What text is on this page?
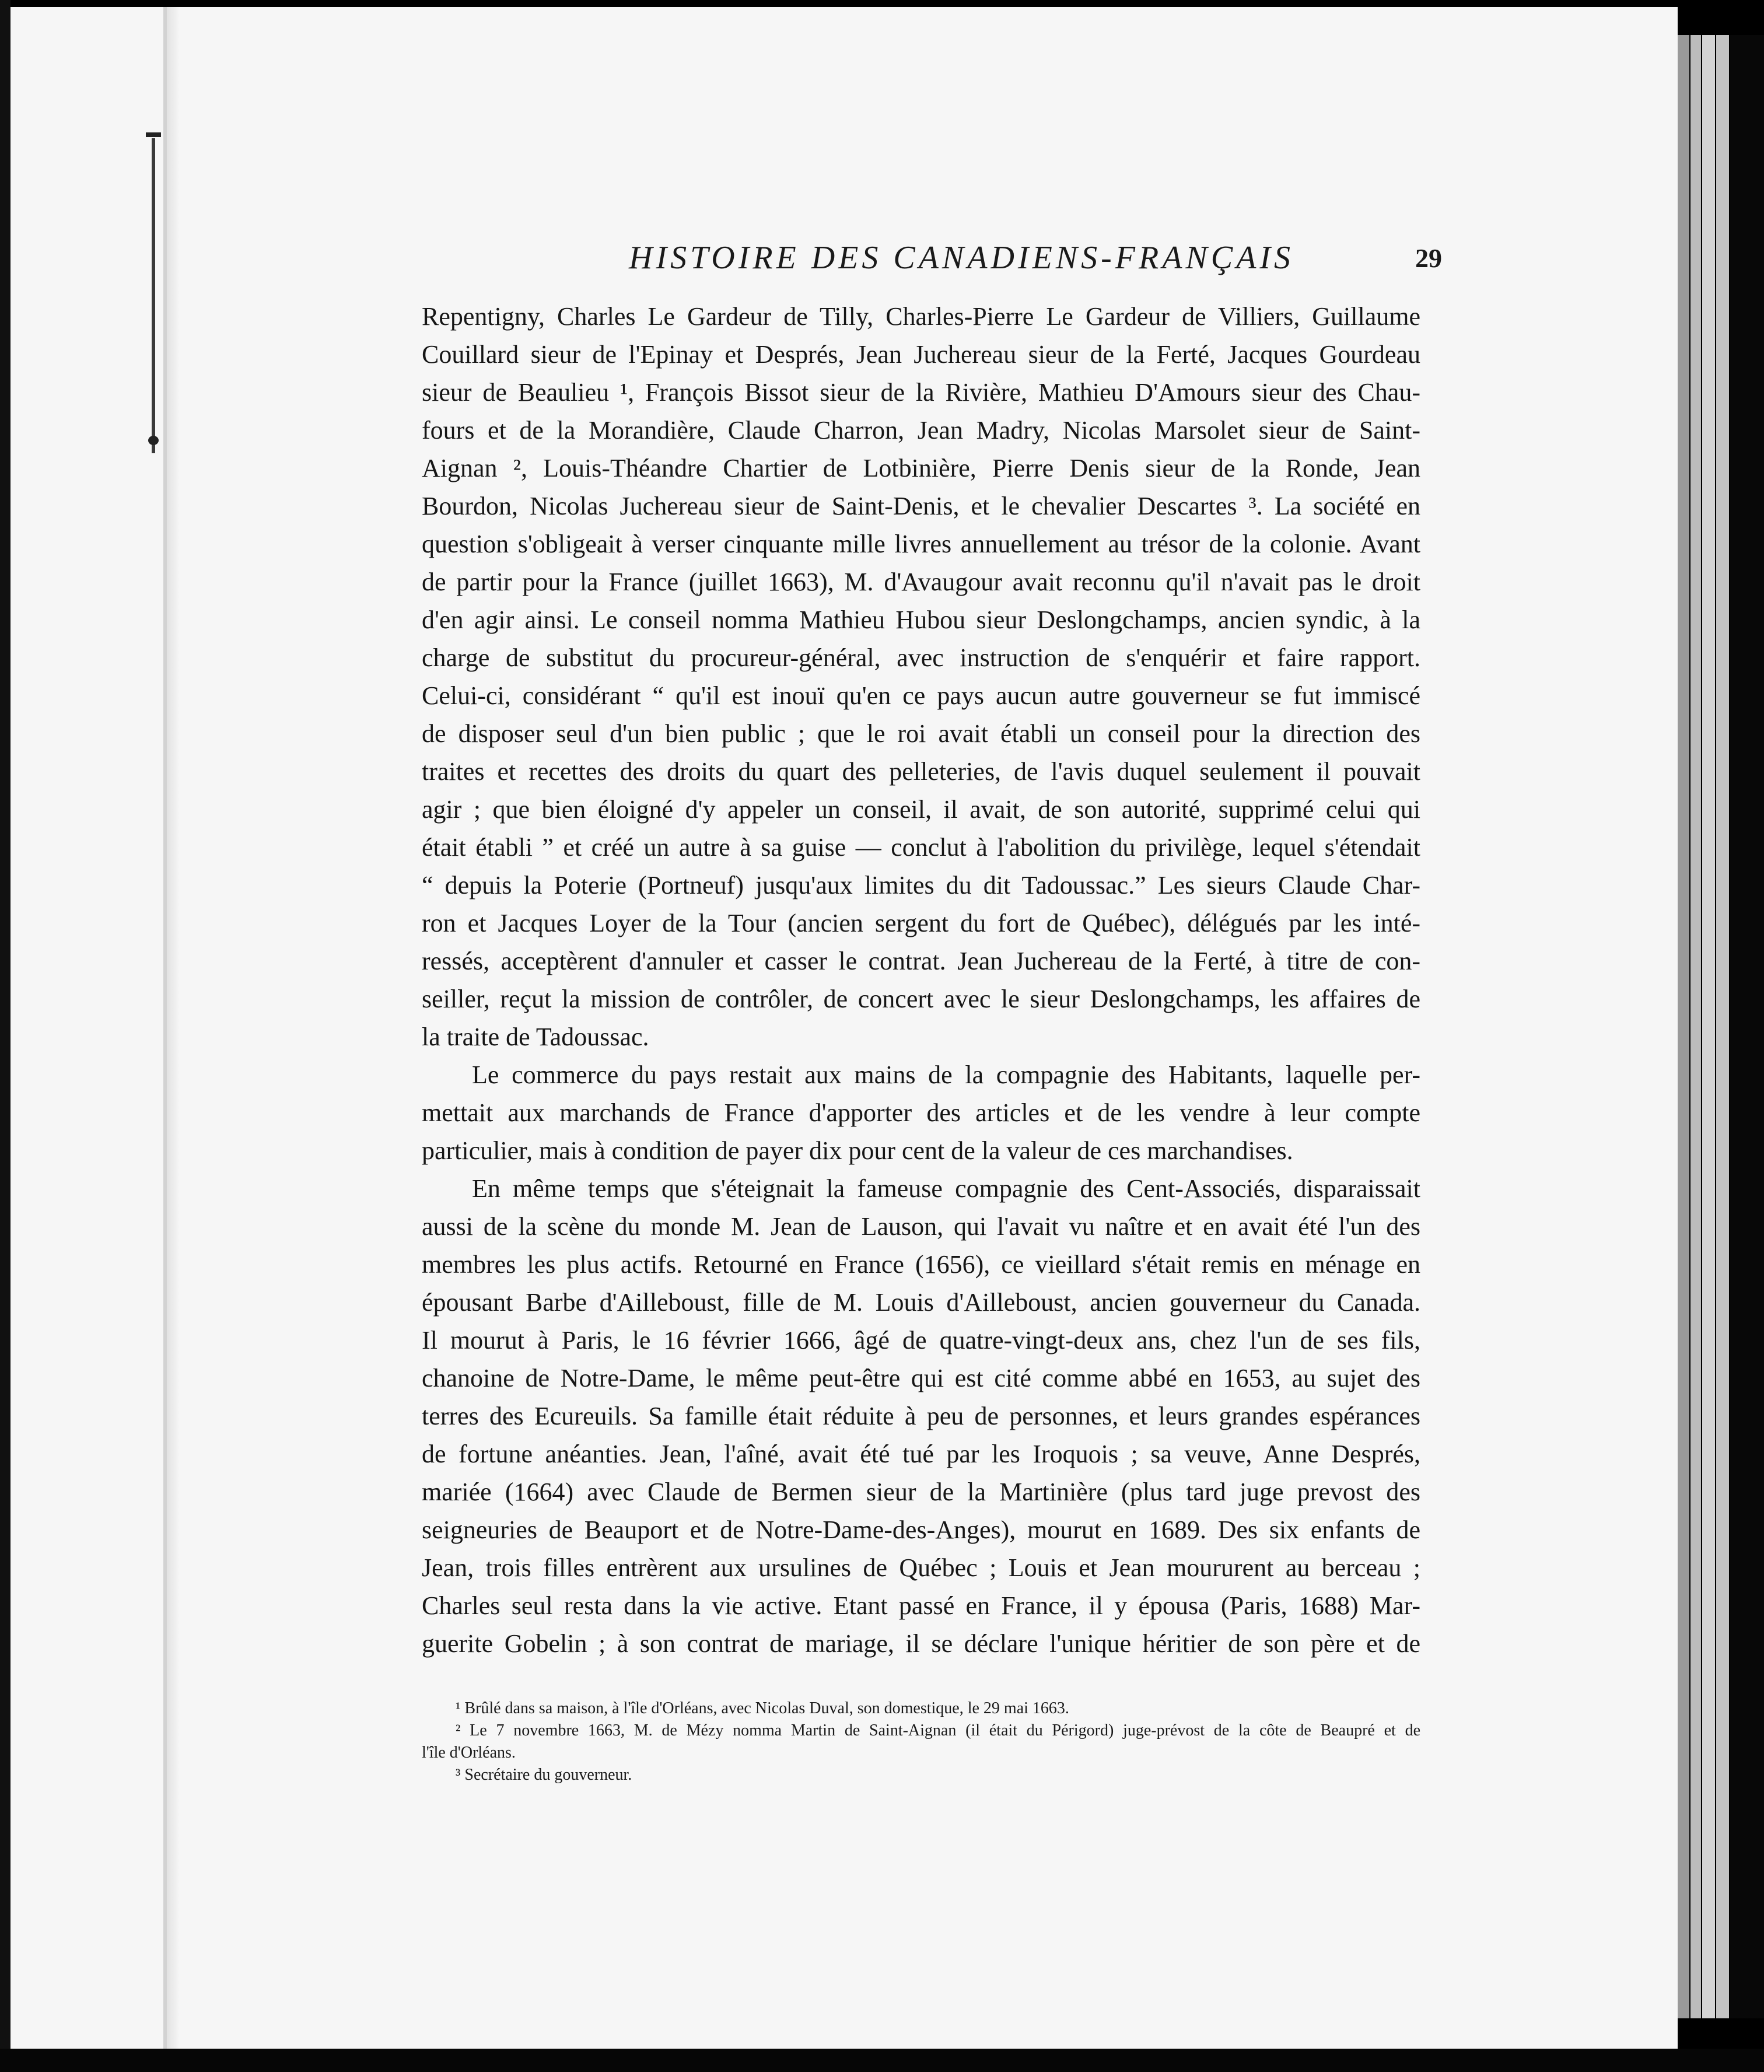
HISTOIRE DES CANADIENS-FRANÇAIS	29
Repentigny, Charles Le Gardeur de Tilly, Charles-Pierre Le Gardeur de Villiers, Guillaume
Couillard sieur de l'Epinay et Després, Jean Juchereau sieur de la Ferté, Jacques Gourdeau
sieur de Beaulieu ¹, François Bissot sieur de la Rivière, Mathieu D'Amours sieur des Chau-
fours et de la Morandière, Claude Charron, Jean Madry, Nicolas Marsolet sieur de Saint-
Aignan ², Louis-Théandre Chartier de Lotbinière, Pierre Denis sieur de la Ronde, Jean
Bourdon, Nicolas Juchereau sieur de Saint-Denis, et le chevalier Descartes ³. La société en
question s'obligeait à verser cinquante mille livres annuellement au trésor de la colonie. Avant
de partir pour la France (juillet 1663), M. d'Avaugour avait reconnu qu'il n'avait pas le droit
d'en agir ainsi. Le conseil nomma Mathieu Hubou sieur Deslongchamps, ancien syndic, à la
charge de substitut du procureur-général, avec instruction de s'enquérir et faire rapport.
Celui-ci, considérant “ qu'il est inouï qu'en ce pays aucun autre gouverneur se fut immiscé
de disposer seul d'un bien public ; que le roi avait établi un conseil pour la direction des
traites et recettes des droits du quart des pelleteries, de l'avis duquel seulement il pouvait
agir ; que bien éloigné d'y appeler un conseil, il avait, de son autorité, supprimé celui qui
était établi ” et créé un autre à sa guise — conclut à l'abolition du privilège, lequel s'étendait
“ depuis la Poterie (Portneuf) jusqu'aux limites du dit Tadoussac.” Les sieurs Claude Char-
ron et Jacques Loyer de la Tour (ancien sergent du fort de Québec), délégués par les inté-
ressés, acceptèrent d'annuler et casser le contrat. Jean Juchereau de la Ferté, à titre de con-
seiller, reçut la mission de contrôler, de concert avec le sieur Deslongchamps, les affaires de
la traite de Tadoussac.
Le commerce du pays restait aux mains de la compagnie des Habitants, laquelle per-
mettait aux marchands de France d'apporter des articles et de les vendre à leur compte
particulier, mais à condition de payer dix pour cent de la valeur de ces marchandises.
En même temps que s'éteignait la fameuse compagnie des Cent-Associés, disparaissait
aussi de la scène du monde M. Jean de Lauson, qui l'avait vu naître et en avait été l'un des
membres les plus actifs. Retourné en France (1656), ce vieillard s'était remis en ménage en
épousant Barbe d'Ailleboust, fille de M. Louis d'Ailleboust, ancien gouverneur du Canada.
Il mourut à Paris, le 16 février 1666, âgé de quatre-vingt-deux ans, chez l'un de ses fils,
chanoine de Notre-Dame, le même peut-être qui est cité comme abbé en 1653, au sujet des
terres des Ecureuils. Sa famille était réduite à peu de personnes, et leurs grandes espérances
de fortune anéanties. Jean, l'aîné, avait été tué par les Iroquois ; sa veuve, Anne Després,
mariée (1664) avec Claude de Bermen sieur de la Martinière (plus tard juge prevost des
seigneuries de Beauport et de Notre-Dame-des-Anges), mourut en 1689. Des six enfants de
Jean, trois filles entrèrent aux ursulines de Québec ; Louis et Jean moururent au berceau ;
Charles seul resta dans la vie active. Etant passé en France, il y épousa (Paris, 1688) Mar-
guerite Gobelin ; à son contrat de mariage, il se déclare l'unique héritier de son père et de
¹ Brûlé dans sa maison, à l'île d'Orléans, avec Nicolas Duval, son domestique, le 29 mai 1663.
² Le 7 novembre 1663, M. de Mézy nomma Martin de Saint-Aignan (il était du Périgord) juge-prévost de la côte de Beaupré et de
l'île d'Orléans.
³ Secrétaire du gouverneur.
